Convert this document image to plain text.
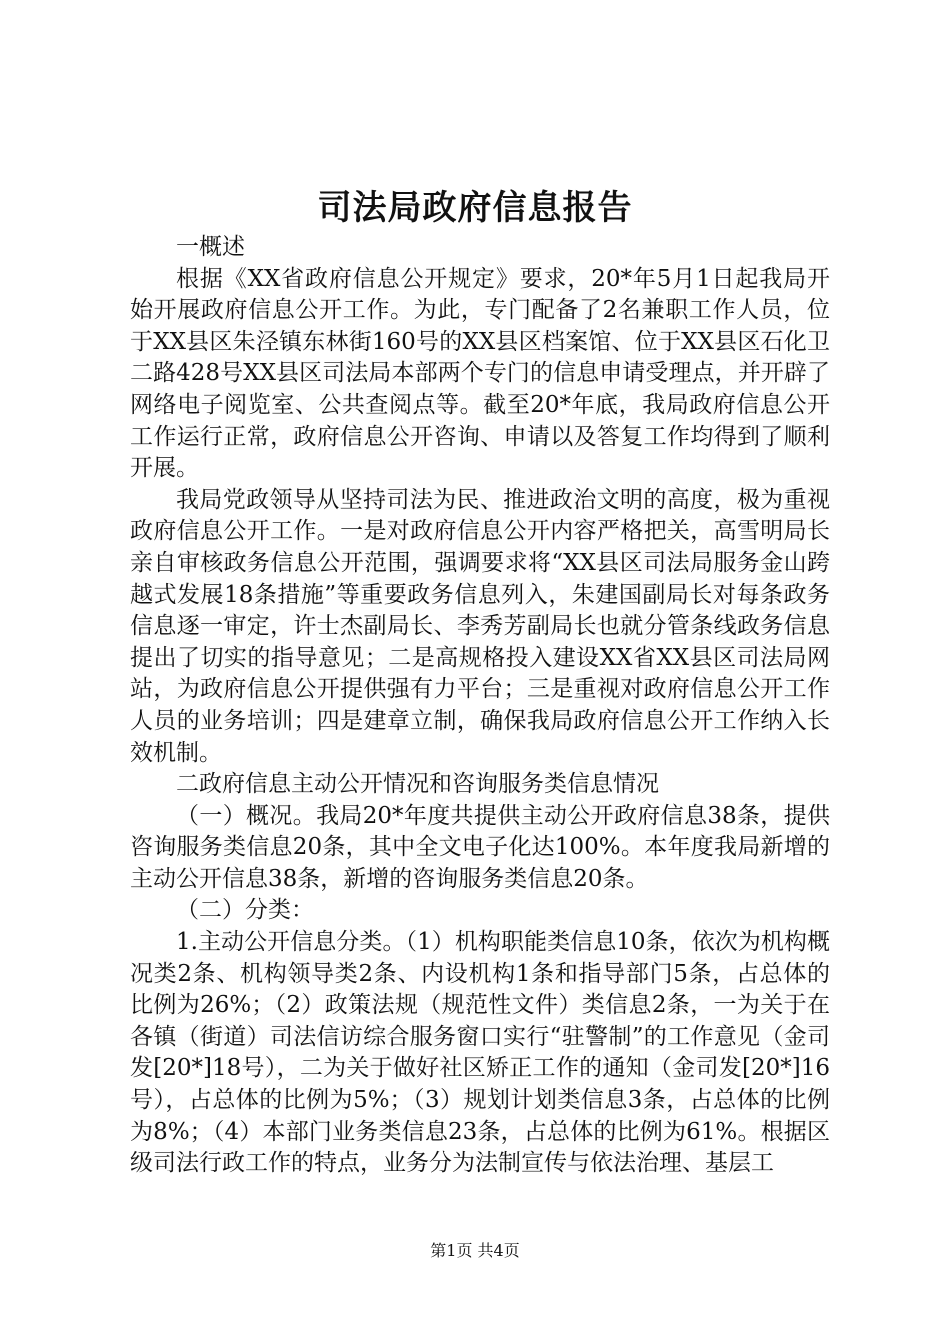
司法局政府信息报告

一概述

根据《XX省政府信息公开规定》要求，20*年5月1日起我局开始开展政府信息公开工作。为此，专门配备了2名兼职工作人员，位于XX县区朱泾镇东林街160号的XX县区档案馆、位于XX县区石化卫二路428号XX县区司法局本部两个专门的信息申请受理点，并开辟了网络电子阅览室、公共查阅点等。截至20*年底，我局政府信息公开工作运行正常，政府信息公开咨询、申请以及答复工作均得到了顺利开展。

我局党政领导从坚持司法为民、推进政治文明的高度，极为重视政府信息公开工作。一是对政府信息公开内容严格把关，高雪明局长亲自审核政务信息公开范围，强调要求将“XX县区司法局服务金山跨越式发展18条措施”等重要政务信息列入，朱建国副局长对每条政务信息逐一审定，许士杰副局长、李秀芳副局长也就分管条线政务信息提出了切实的指导意见；二是高规格投入建设XX省XX县区司法局网站，为政府信息公开提供强有力平台；三是重视对政府信息公开工作人员的业务培训；四是建章立制，确保我局政府信息公开工作纳入长效机制。

二政府信息主动公开情况和咨询服务类信息情况

（一）概况。我局20*年度共提供主动公开政府信息38条，提供咨询服务类信息20条，其中全文电子化达100%。本年度我局新增的主动公开信息38条，新增的咨询服务类信息20条。

（二）分类：

1.主动公开信息分类。（1）机构职能类信息10条，依次为机构概况类2条、机构领导类2条、内设机构1条和指导部门5条，占总体的比例为26%；（2）政策法规（规范性文件）类信息2条，一为关于在各镇（街道）司法信访综合服务窗口实行“驻警制”的工作意见（金司发[20*]18号），二为关于做好社区矫正工作的通知（金司发[20*]16号），占总体的比例为5%；（3）规划计划类信息3条，占总体的比例为8%；（4）本部门业务类信息23条，占总体的比例为61%。根据区级司法行政工作的特点，业务分为法制宣传与依法治理、基层工

第1页 共4页
